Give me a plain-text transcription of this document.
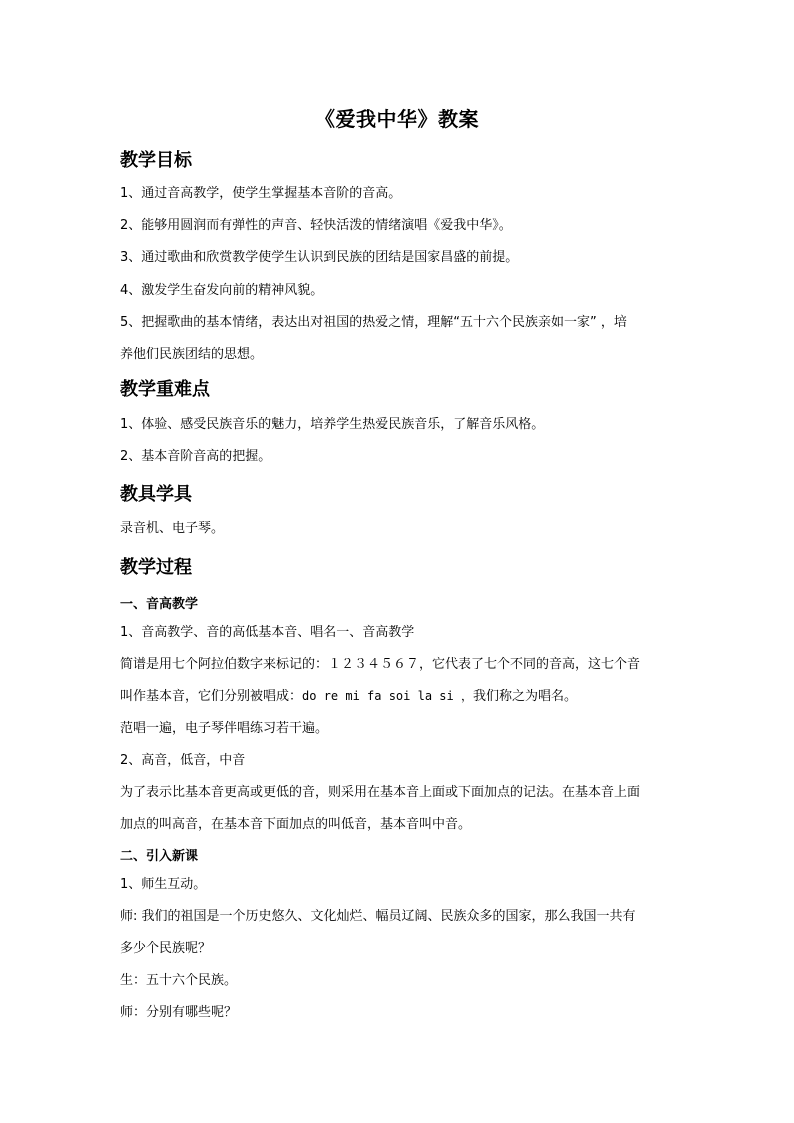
《爱我中华》教案
教学目标
1、通过音高教学，使学生掌握基本音阶的音高。
2、能够用圆润而有弹性的声音、轻快活泼的情绪演唱《爱我中华》。
3、通过歌曲和欣赏教学使学生认识到民族的团结是国家昌盛的前提。
4、激发学生奋发向前的精神风貌。
5、把握歌曲的基本情绪，表达出对祖国的热爱之情，理解“五十六个民族亲如一家” ，培
养他们民族团结的思想。
教学重难点
1、体验、感受民族音乐的魅力，培养学生热爱民族音乐，了解音乐风格。
2、基本音阶音高的把握。
教具学具
录音机、电子琴。
教学过程
一、音高教学
1、音高教学、音的高低基本音、唱名一、音高教学
简谱是用七个阿拉伯数字来标记的：１２３４５６７，它代表了七个不同的音高，这七个音
叫作基本音，它们分别被唱成：do re mi fa soi la si ，我们称之为唱名。
范唱一遍，电子琴伴唱练习若干遍。
2、高音，低音，中音
为了表示比基本音更高或更低的音，则采用在基本音上面或下面加点的记法。在基本音上面
加点的叫高音，在基本音下面加点的叫低音，基本音叫中音。
二、引入新课
1、师生互动。
师: 我们的祖国是一个历史悠久、文化灿烂、幅员辽阔、民族众多的国家，那么我国一共有
多少个民族呢？
生：五十六个民族。
师：分别有哪些呢？
